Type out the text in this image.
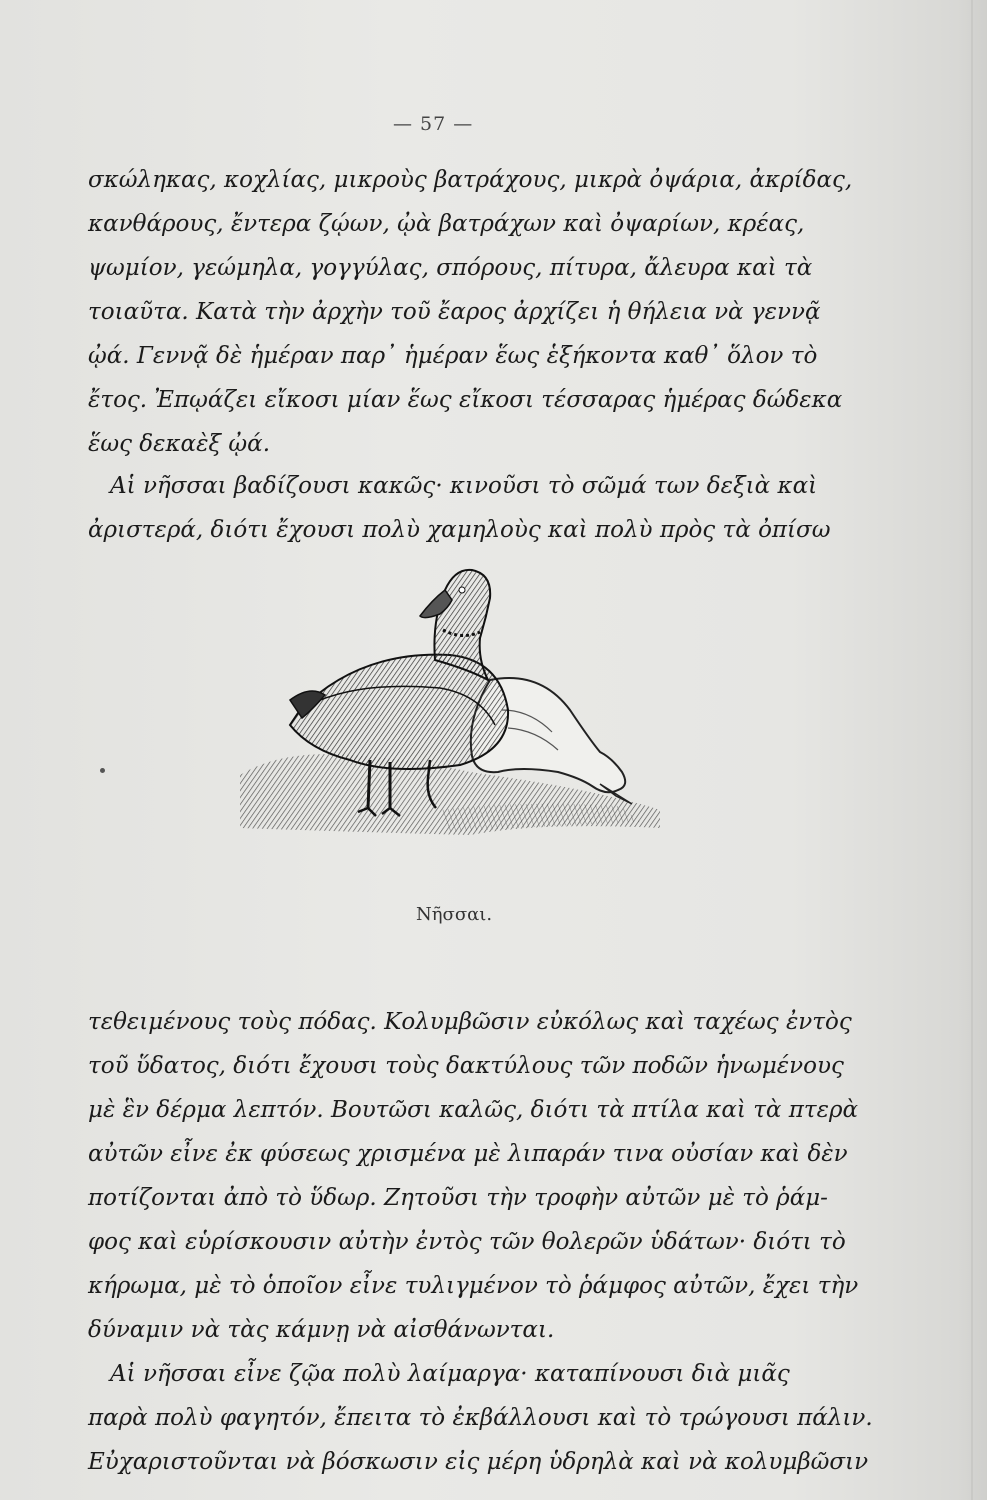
— 57 —
σκώληκας, κοχλίας, μικροὺς βατράχους, μικρὰ ὀψάρια, ἀκρίδας,
κανθάρους, ἔντερα ζῴων, ᾠὰ βατράχων καὶ ὀψαρίων, κρέας,
ψωμίον, γεώμηλα, γογγύλας, σπόρους, πίτυρα, ἄλευρα καὶ τὰ
τοιαῦτα. Κατὰ τὴν ἀρχὴν τοῦ ἔαρος ἀρχίζει ἡ θήλεια νὰ γεννᾷ
ᾠά. Γεννᾷ δὲ ἡμέραν παρ᾽ ἡμέραν ἕως ἑξήκοντα καθ᾽ ὅλον τὸ
ἔτος. Ἐπῳάζει εἴκοσι μίαν ἕως εἴκοσι τέσσαρας ἡμέρας δώδεκα
ἕως δεκαὲξ ᾠά.
Αἱ νῆσσαι βαδίζουσι κακῶς· κινοῦσι τὸ σῶμά των δεξιὰ καὶ
ἀριστερά, διότι ἔχουσι πολὺ χαμηλοὺς καὶ πολὺ πρὸς τὰ ὀπίσω
Νῆσσαι.
τεθειμένους τοὺς πόδας. Κολυμβῶσιν εὐκόλως καὶ ταχέως ἐντὸς
τοῦ ὕδατος, διότι ἔχουσι τοὺς δακτύλους τῶν ποδῶν ἡνωμένους
μὲ ἓν δέρμα λεπτόν. Βουτῶσι καλῶς, διότι τὰ πτίλα καὶ τὰ πτερὰ
αὐτῶν εἶνε ἐκ φύσεως χρισμένα μὲ λιπαράν τινα οὐσίαν καὶ δὲν
ποτίζονται ἀπὸ τὸ ὕδωρ. Ζητοῦσι τὴν τροφὴν αὐτῶν μὲ τὸ ῥάμ-
φος καὶ εὑρίσκουσιν αὐτὴν ἐντὸς τῶν θολερῶν ὑδάτων· διότι τὸ
κήρωμα, μὲ τὸ ὁποῖον εἶνε τυλιγμένον τὸ ῥάμφος αὐτῶν, ἔχει τὴν
δύναμιν νὰ τὰς κάμνῃ νὰ αἰσθάνωνται.
Αἱ νῆσσαι εἶνε ζῷα πολὺ λαίμαργα· καταπίνουσι διὰ μιᾶς
παρὰ πολὺ φαγητόν, ἔπειτα τὸ ἐκβάλλουσι καὶ τὸ τρώγουσι πάλιν.
Εὐχαριστοῦνται νὰ βόσκωσιν εἰς μέρη ὑδρηλὰ καὶ νὰ κολυμβῶσιν
